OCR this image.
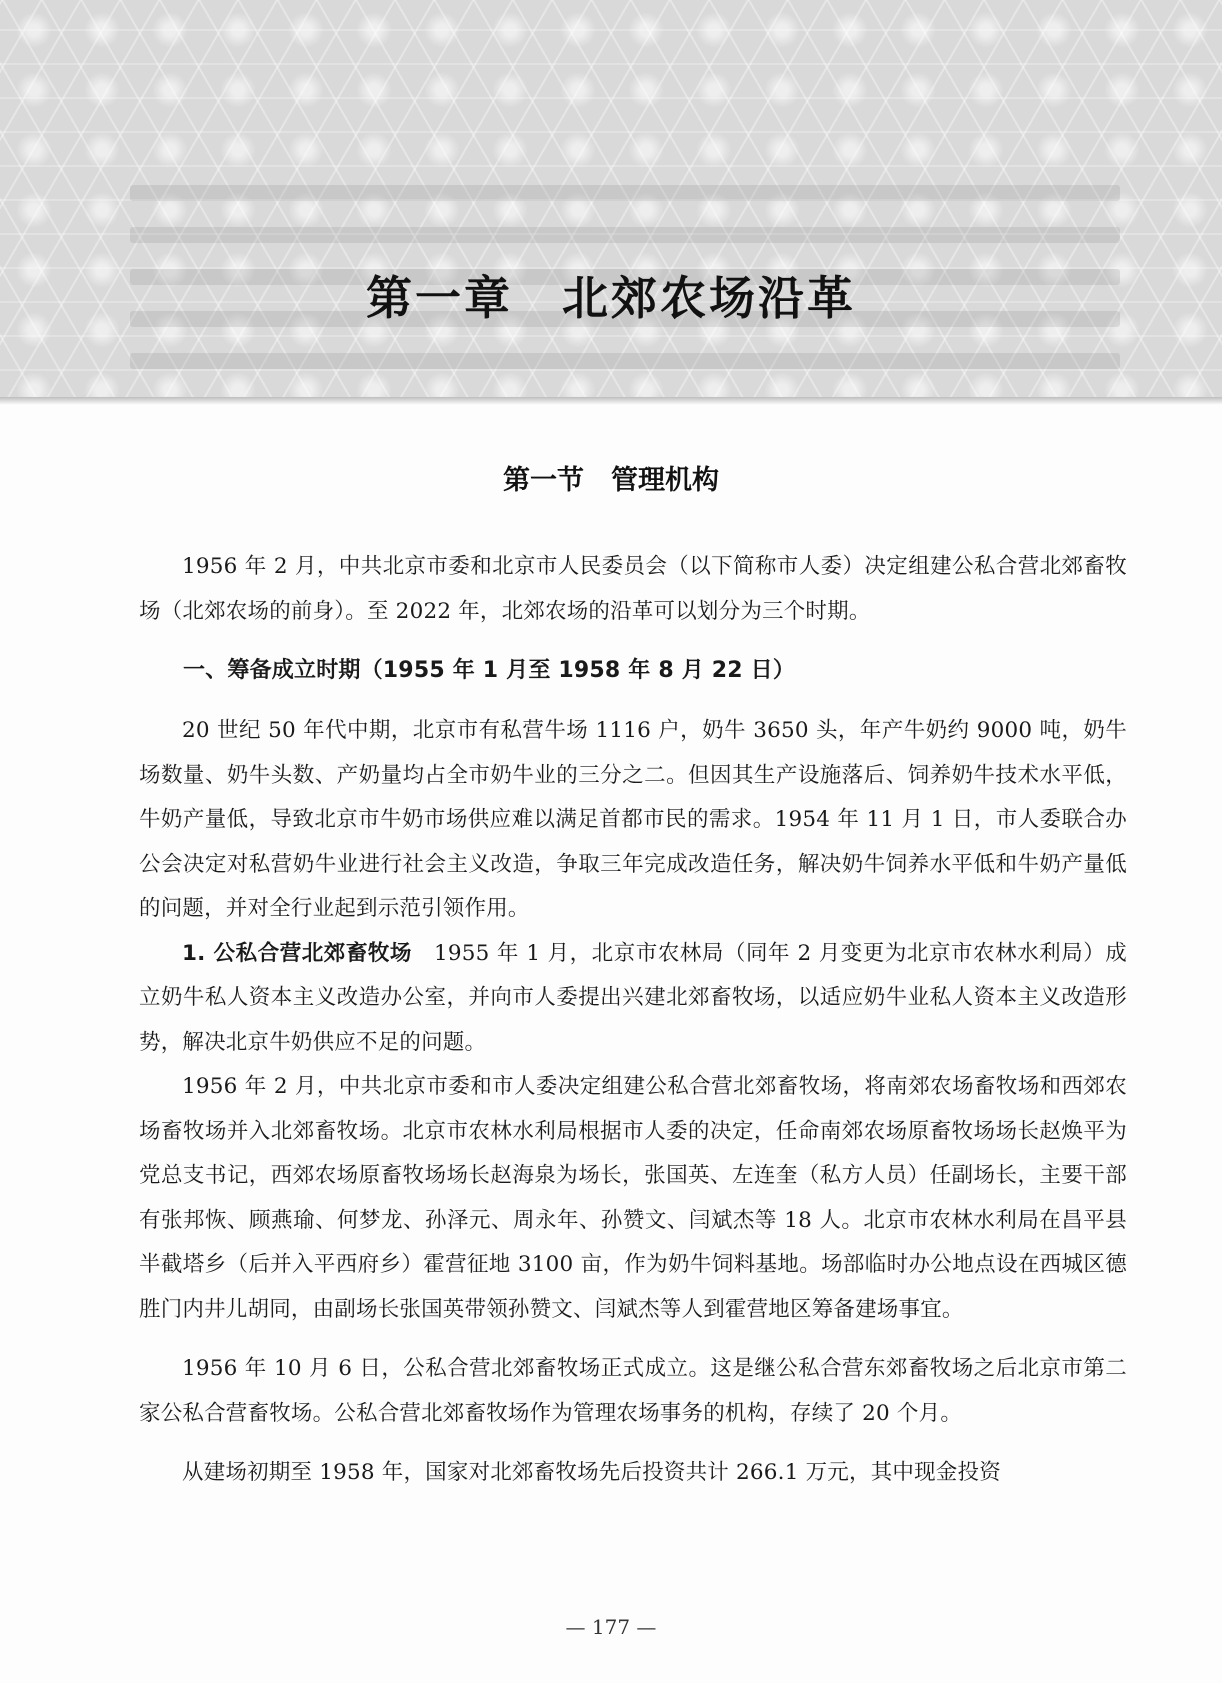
第一章　北郊农场沿革
第一节　管理机构

1956 年 2 月，中共北京市委和北京市人民委员会（以下简称市人委）决定组建公私合营北郊畜牧场（北郊农场的前身）。至 2022 年，北郊农场的沿革可以划分为三个时期。

一、筹备成立时期（1955 年 1 月至 1958 年 8 月 22 日）

20 世纪 50 年代中期，北京市有私营牛场 1116 户，奶牛 3650 头，年产牛奶约 9000 吨，奶牛场数量、奶牛头数、产奶量均占全市奶牛业的三分之二。但因其生产设施落后、饲养奶牛技术水平低，牛奶产量低，导致北京市牛奶市场供应难以满足首都市民的需求。1954 年 11 月 1 日，市人委联合办公会决定对私营奶牛业进行社会主义改造，争取三年完成改造任务，解决奶牛饲养水平低和牛奶产量低的问题，并对全行业起到示范引领作用。

1. 公私合营北郊畜牧场　 1955 年 1 月，北京市农林局（同年 2 月变更为北京市农林水利局）成立奶牛私人资本主义改造办公室，并向市人委提出兴建北郊畜牧场，以适应奶牛业私人资本主义改造形势，解决北京牛奶供应不足的问题。

1956 年 2 月，中共北京市委和市人委决定组建公私合营北郊畜牧场，将南郊农场畜牧场和西郊农场畜牧场并入北郊畜牧场。北京市农林水利局根据市人委的决定，任命南郊农场原畜牧场场长赵焕平为党总支书记，西郊农场原畜牧场场长赵海泉为场长，张国英、左连奎（私方人员）任副场长，主要干部有张邦恢、顾燕瑜、何梦龙、孙泽元、周永年、孙赞文、闫斌杰等 18 人。北京市农林水利局在昌平县半截塔乡（后并入平西府乡）霍营征地 3100 亩，作为奶牛饲料基地。场部临时办公地点设在西城区德胜门内井儿胡同，由副场长张国英带领孙赞文、闫斌杰等人到霍营地区筹备建场事宜。

1956 年 10 月 6 日，公私合营北郊畜牧场正式成立。这是继公私合营东郊畜牧场之后北京市第二家公私合营畜牧场。公私合营北郊畜牧场作为管理农场事务的机构，存续了 20 个月。

从建场初期至 1958 年，国家对北郊畜牧场先后投资共计 266.1 万元，其中现金投资

— 177 —
